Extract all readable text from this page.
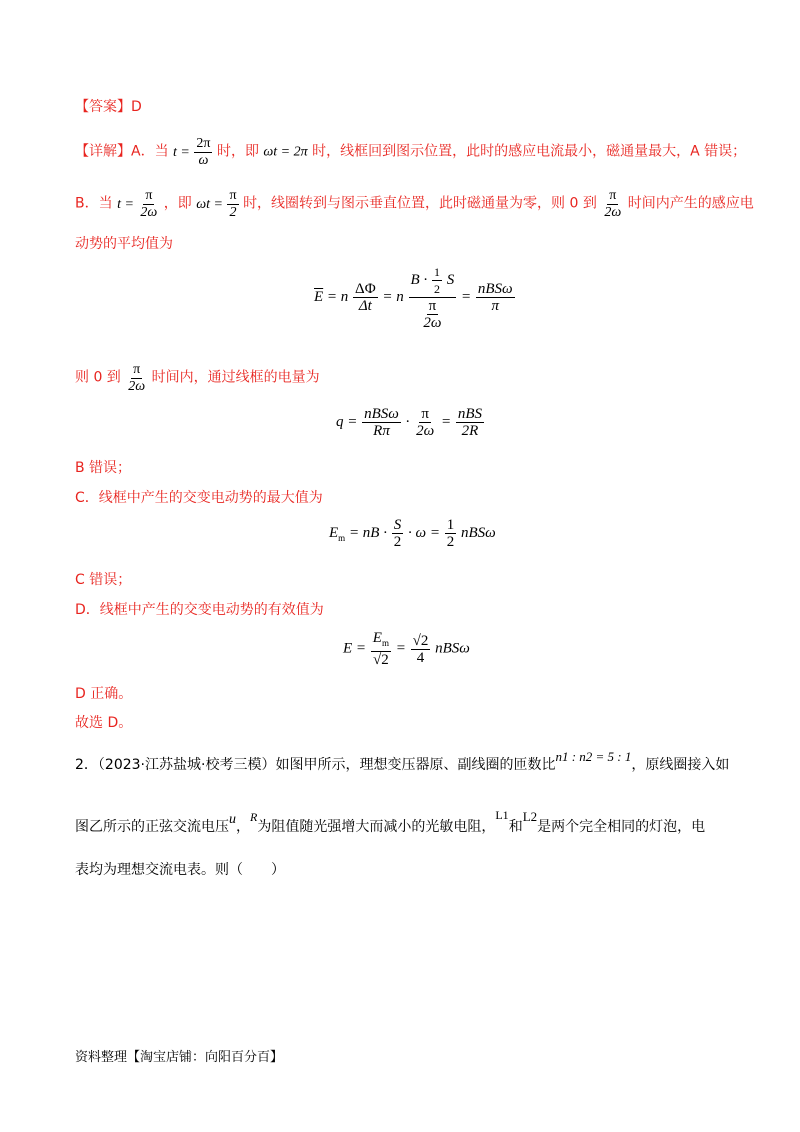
【答案】D
【详解】A．当 $t = \frac{2\pi}{\omega}$ 时，即 ωt = 2π 时，线框回到图示位置，此时的感应电流最小，磁通量最大，A 错误；
B．当 $t = \frac{\pi}{2\omega}$ ，即 $\omega t = \frac{\pi}{2}$ 时，线圈转到与图示垂直位置，此时磁通量为零，则 0 到 $\frac{\pi}{2\omega}$ 时间内产生的感应电
动势的平均值为
$\overline{E} = n \frac{\Delta\Phi}{\Delta t} = n \frac{B \cdot \frac{1}{2} S}{\frac{\pi}{2\omega}} = \frac{\text{nBSω}}{\pi}$
则 0 到 $\frac{\pi}{2\omega}$ 时间内，通过线框的电量为
$q = \frac{\text{nBSω}}{R\pi} \cdot \frac{\pi}{2\omega} = \frac{\text{nBS}}{2R}$
B 错误；
C．线框中产生的交变电动势的最大值为
$E_m$ = nB · $\frac{S}{2} \cdot \omega = \frac{1}{2}$ nBSω
C 错误；
D．线框中产生的交变电动势的有效值为
$E = \frac{E_m}{√2} = \frac{√2}{4}$ nBSω
D 正确。
故选 D。
2．（2023·江苏盐城·校考三模）如图甲所示，理想变压器原、副线圈的匝数比n1 : n2 = 5 : 1，原线圈接入如
图乙所示的正弦交流电压u，R为阻值随光强增大而减小的光敏电阻，L1和L2是两个完全相同的灯泡，电
表均为理想交流电表。则（　　）
资料整理【淘宝店铺：向阳百分百】
